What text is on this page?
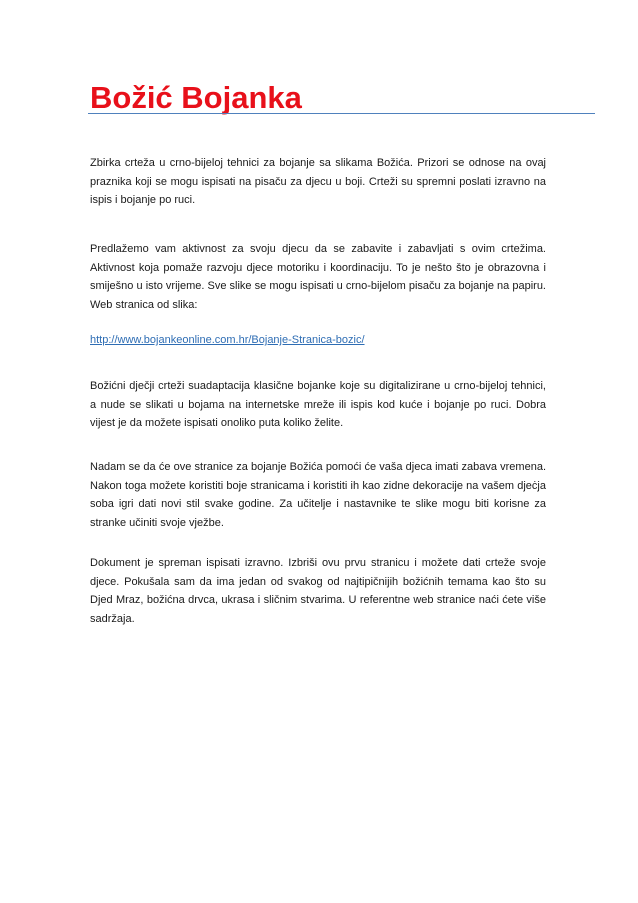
Božić Bojanka

Zbirka crteža u crno-bijeloj tehnici za bojanje sa slikama Božića. Prizori se odnose na ovaj praznika koji se mogu ispisati na pisaču za djecu u boji. Crteži su spremni poslati izravno na ispis i bojanje po ruci.

Predlažemo vam aktivnost za svoju djecu da se zabavite i zabavljati s ovim crtežima. Aktivnost koja pomaže razvoju djece motoriku i koordinaciju. To je nešto što je obrazovna i smiješno u isto vrijeme. Sve slike se mogu ispisati u crno-bijelom pisaču za bojanje na papiru. Web stranica od slika:

http://www.bojankeonline.com.hr/Bojanje-Stranica-bozic/

Božićni dječji crteži suadaptacija klasične bojanke koje su digitalizirane u crno-bijeloj tehnici, a nude se slikati u bojama na internetske mreže ili ispis kod kuće i bojanje po ruci. Dobra vijest je da možete ispisati onoliko puta koliko želite.

Nadam se da će ove stranice za bojanje Božića pomoći će vaša djeca imati zabava vremena. Nakon toga možete koristiti boje stranicama i koristiti ih kao zidne dekoracije na vašem djeċja soba igri dati novi stil svake godine. Za učitelje i nastavnike te slike mogu biti korisne za stranke učiniti svoje vježbe.

Dokument je spreman ispisati izravno. Izbriši ovu prvu stranicu i možete dati crteže svoje djece. Pokušala sam da ima jedan od svakog od najtipičnijih božićnih temama kao što su Djed Mraz, božićna drvca, ukrasa i sličnim stvarima. U referentne web stranice naći ćete više sadržaja.
